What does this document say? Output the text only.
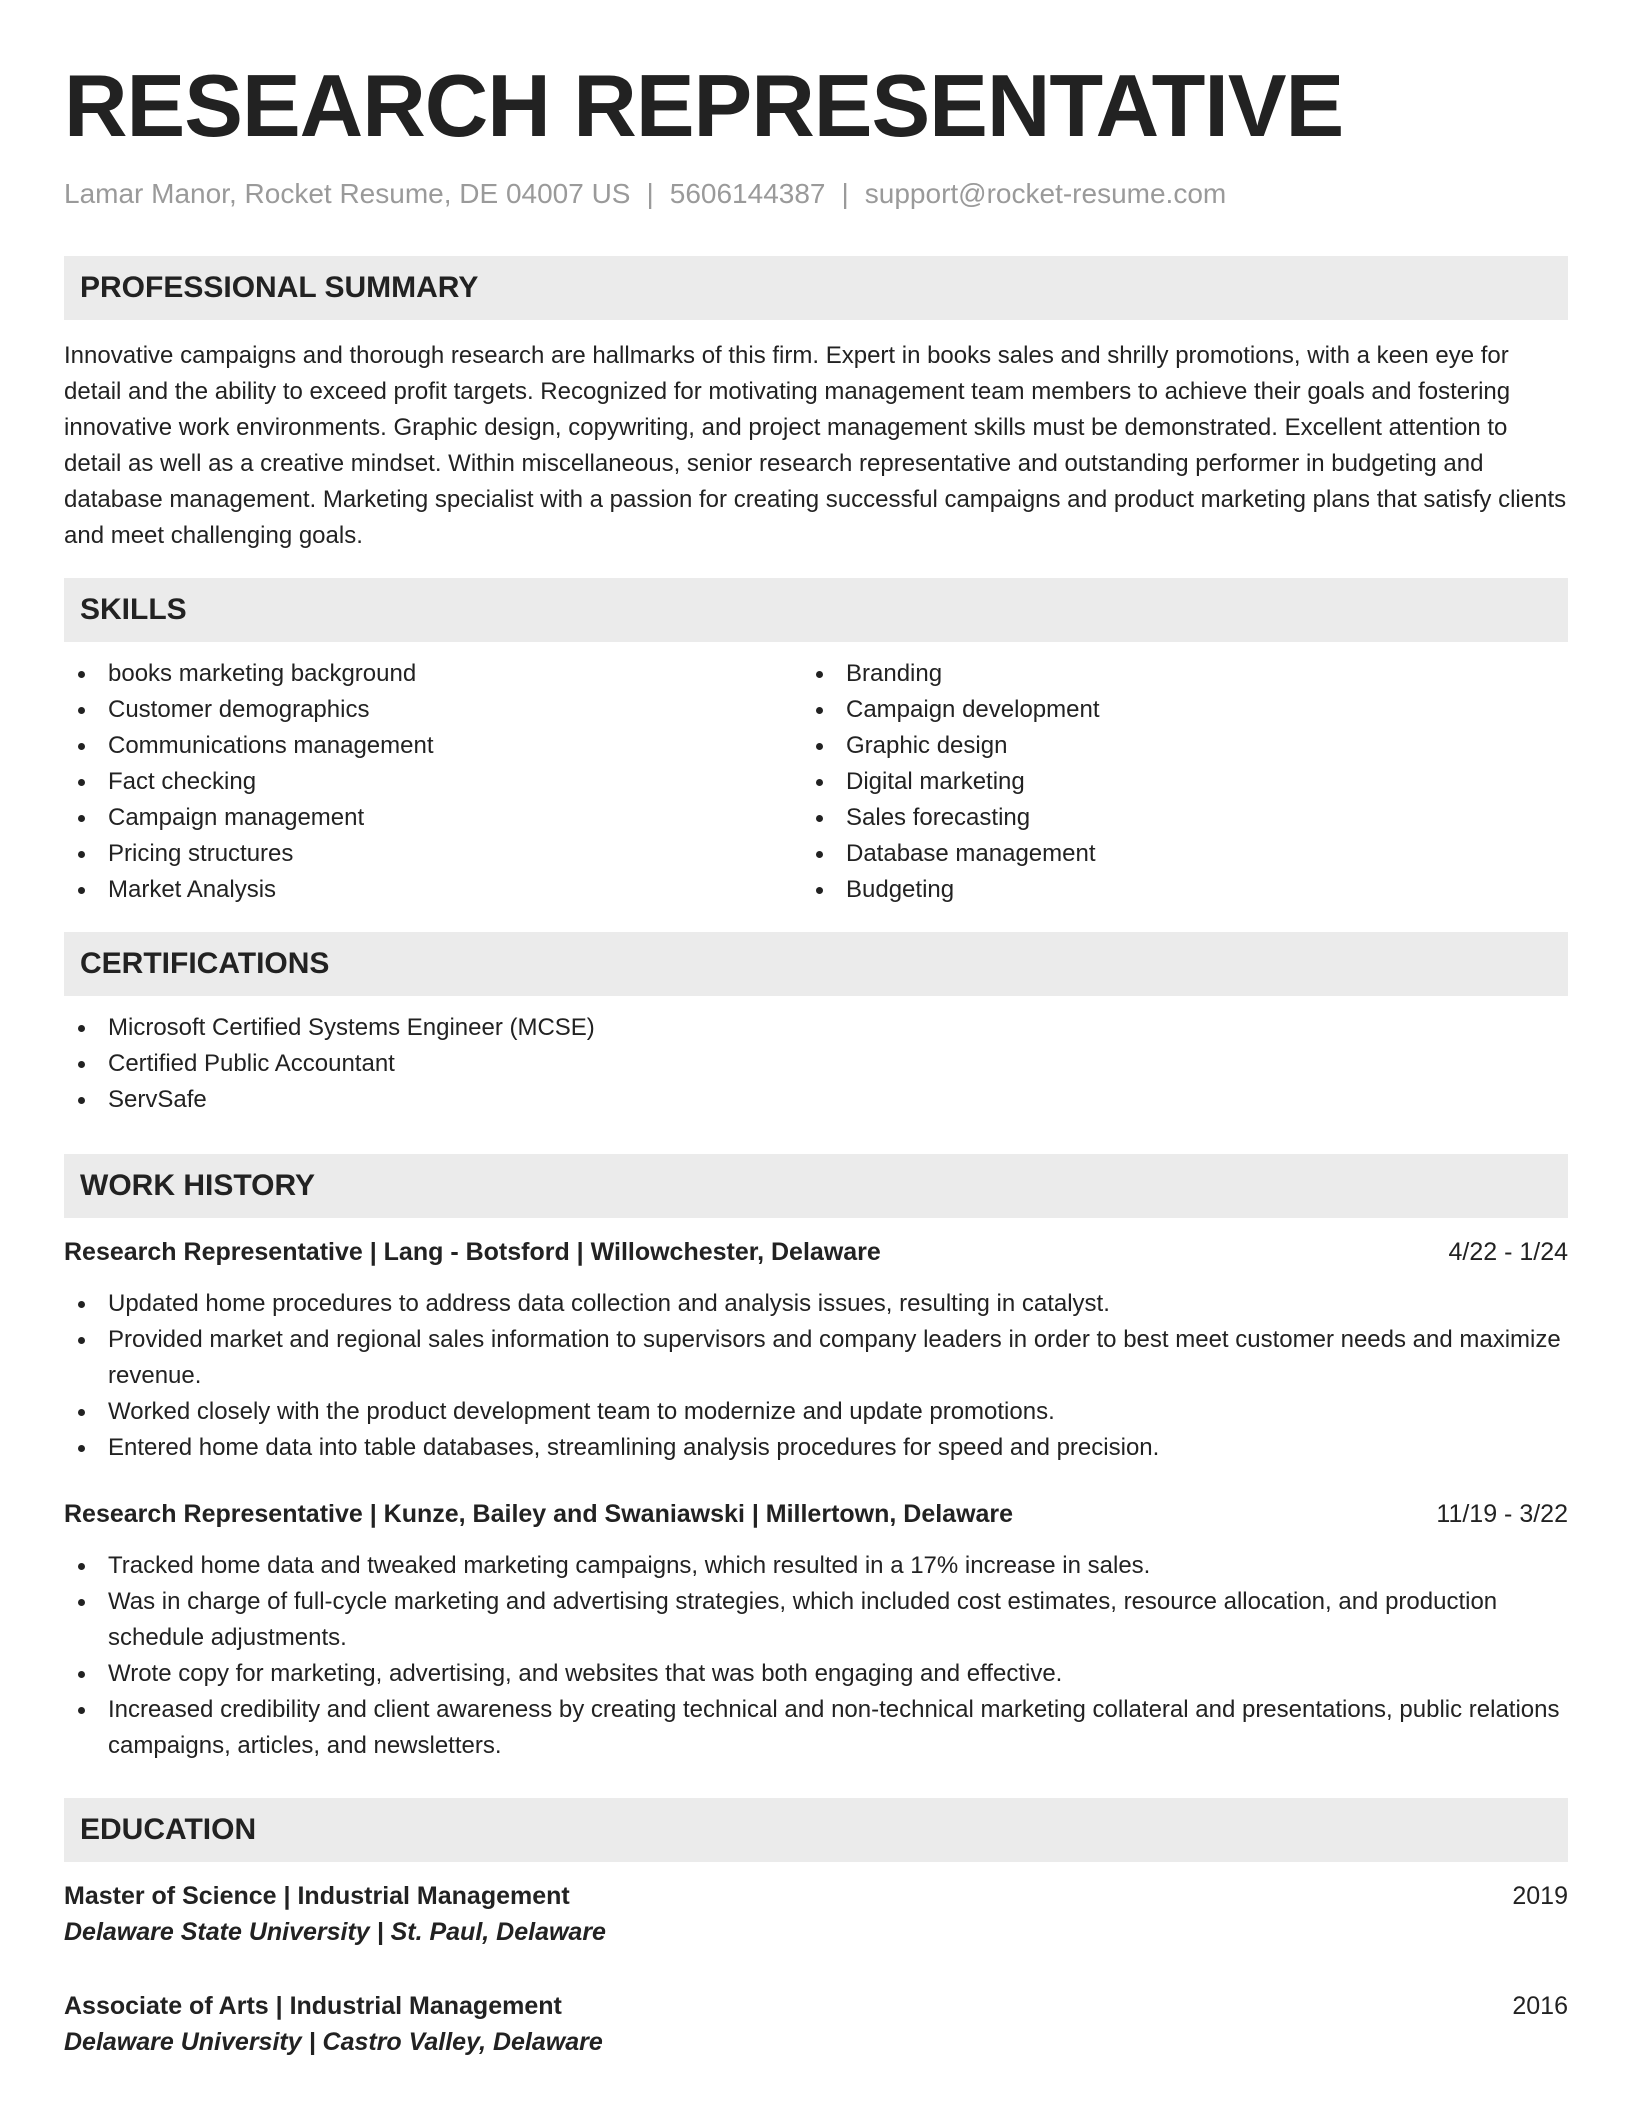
RESEARCH REPRESENTATIVE
Lamar Manor, Rocket Resume, DE 04007 US | 5606144387 | support@rocket-resume.com
PROFESSIONAL SUMMARY

Innovative campaigns and thorough research are hallmarks of this firm. Expert in books sales and shrilly promotions, with a keen eye for detail and the ability to exceed profit targets. Recognized for motivating management team members to achieve their goals and fostering innovative work environments. Graphic design, copywriting, and project management skills must be demonstrated. Excellent attention to detail as well as a creative mindset. Within miscellaneous, senior research representative and outstanding performer in budgeting and database management. Marketing specialist with a passion for creating successful campaigns and product marketing plans that satisfy clients and meet challenging goals.

SKILLS
books marketing background
Customer demographics
Communications management
Fact checking
Campaign management
Pricing structures
Market Analysis
Branding
Campaign development
Graphic design
Digital marketing
Sales forecasting
Database management
Budgeting
CERTIFICATIONS
Microsoft Certified Systems Engineer (MCSE)
Certified Public Accountant
ServSafe
WORK HISTORY
Research Representative | Lang - Botsford | Willowchester, Delaware	4/22 - 1/24
Updated home procedures to address data collection and analysis issues, resulting in catalyst.
Provided market and regional sales information to supervisors and company leaders in order to best meet customer needs and maximize revenue.
Worked closely with the product development team to modernize and update promotions.
Entered home data into table databases, streamlining analysis procedures for speed and precision.
Research Representative | Kunze, Bailey and Swaniawski | Millertown, Delaware	11/19 - 3/22
Tracked home data and tweaked marketing campaigns, which resulted in a 17% increase in sales.
Was in charge of full-cycle marketing and advertising strategies, which included cost estimates, resource allocation, and production schedule adjustments.
Wrote copy for marketing, advertising, and websites that was both engaging and effective.
Increased credibility and client awareness by creating technical and non-technical marketing collateral and presentations, public relations campaigns, articles, and newsletters.
EDUCATION
Master of Science | Industrial Management	2019
Delaware State University | St. Paul, Delaware
Associate of Arts | Industrial Management	2016
Delaware University | Castro Valley, Delaware
